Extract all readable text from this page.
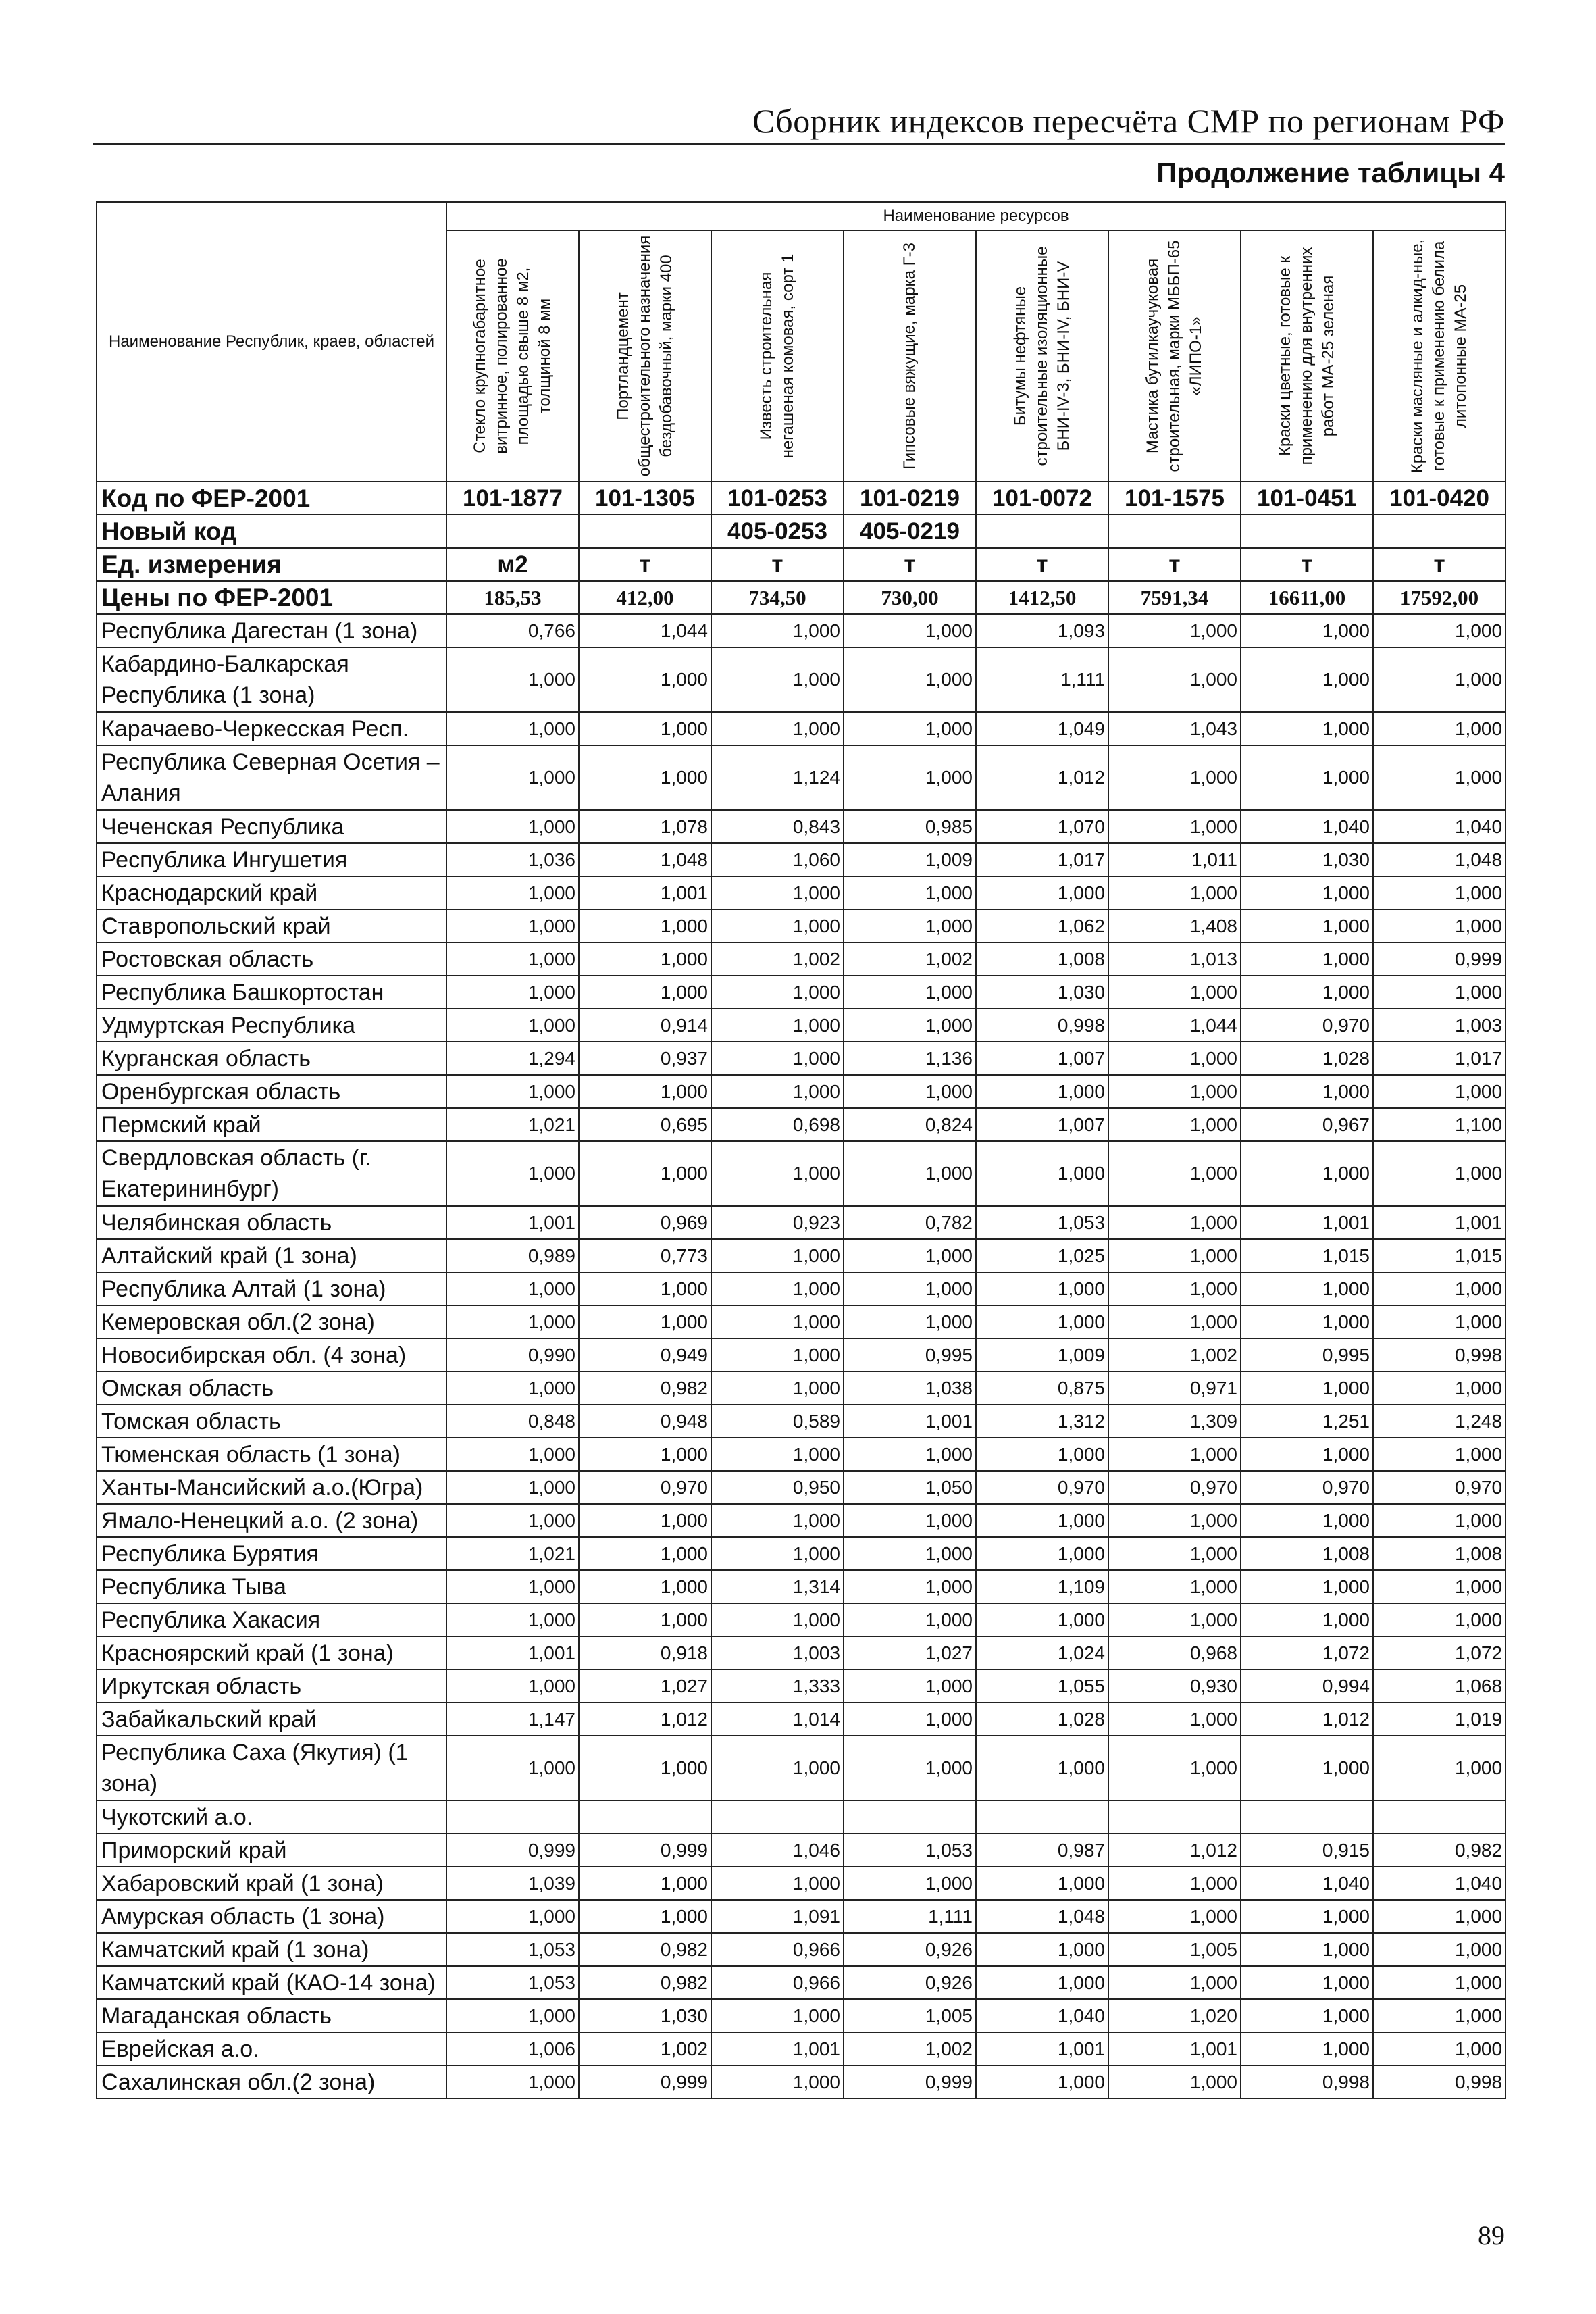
Сборник индексов пересчёта СМР по регионам РФ
Продолжение таблицы 4
Наименование Республик, краев, областей	Наименование ресурсов							

	Стекло крупногабаритное витринное, полированное площадью свыше 8 м2, толщиной 8 мм	Портландцемент общестроительного назначения бездобавочный, марки 400	Известь строительная негашеная комовая, сорт 1	Гипсовые вяжущие, марка Г-3	Битумы нефтяные строительные изоляционные БНИ-IV-3, БНИ-IV, БНИ-V	Мастика бутилкаучуковая строительная, марки МББП-65 «ЛИПО-1»	Краски цветные, готовые к применению для внутренних работ МА-25 зеленая	Краски масляные и алкид-ные, готовые к применению белила литопонные МА-25

Код по ФЕР-2001	101-1877	101-1305	101-0253	101-0219	101-0072	101-1575	101-0451	101-0420
Новый код			405-0253	405-0219				
Ед. измерения	м2	т	т	т	т	т	т	т
Цены по ФЕР-2001	185,53	412,00	734,50	730,00	1412,50	7591,34	16611,00	17592,00
Республика Дагестан (1 зона)	0,766	1,044	1,000	1,000	1,093	1,000	1,000	1,000
Кабардино-Балкарская Республика (1 зона)	1,000	1,000	1,000	1,000	1,111	1,000	1,000	1,000
Карачаево-Черкесская Респ.	1,000	1,000	1,000	1,000	1,049	1,043	1,000	1,000
Республика Северная Осетия – Алания	1,000	1,000	1,124	1,000	1,012	1,000	1,000	1,000
Чеченская Республика	1,000	1,078	0,843	0,985	1,070	1,000	1,040	1,040
Республика Ингушетия	1,036	1,048	1,060	1,009	1,017	1,011	1,030	1,048
Краснодарский край	1,000	1,001	1,000	1,000	1,000	1,000	1,000	1,000
Ставропольский край	1,000	1,000	1,000	1,000	1,062	1,408	1,000	1,000
Ростовская область	1,000	1,000	1,002	1,002	1,008	1,013	1,000	0,999
Республика Башкортостан	1,000	1,000	1,000	1,000	1,030	1,000	1,000	1,000
Удмуртская Республика	1,000	0,914	1,000	1,000	0,998	1,044	0,970	1,003
Курганская область	1,294	0,937	1,000	1,136	1,007	1,000	1,028	1,017
Оренбургская область	1,000	1,000	1,000	1,000	1,000	1,000	1,000	1,000
Пермский край	1,021	0,695	0,698	0,824	1,007	1,000	0,967	1,100
Свердловская область (г. Екатерининбург)	1,000	1,000	1,000	1,000	1,000	1,000	1,000	1,000
Челябинская область	1,001	0,969	0,923	0,782	1,053	1,000	1,001	1,001
Алтайский край (1 зона)	0,989	0,773	1,000	1,000	1,025	1,000	1,015	1,015
Республика Алтай (1 зона)	1,000	1,000	1,000	1,000	1,000	1,000	1,000	1,000
Кемеровская обл.(2 зона)	1,000	1,000	1,000	1,000	1,000	1,000	1,000	1,000
Новосибирская обл. (4 зона)	0,990	0,949	1,000	0,995	1,009	1,002	0,995	0,998
Омская область	1,000	0,982	1,000	1,038	0,875	0,971	1,000	1,000
Томская область	0,848	0,948	0,589	1,001	1,312	1,309	1,251	1,248
Тюменская область (1 зона)	1,000	1,000	1,000	1,000	1,000	1,000	1,000	1,000
Ханты-Мансийский а.о.(Югра)	1,000	0,970	0,950	1,050	0,970	0,970	0,970	0,970
Ямало-Ненецкий а.о. (2 зона)	1,000	1,000	1,000	1,000	1,000	1,000	1,000	1,000
Республика Бурятия	1,021	1,000	1,000	1,000	1,000	1,000	1,008	1,008
Республика Тыва	1,000	1,000	1,314	1,000	1,109	1,000	1,000	1,000
Республика Хакасия	1,000	1,000	1,000	1,000	1,000	1,000	1,000	1,000
Красноярский край (1 зона)	1,001	0,918	1,003	1,027	1,024	0,968	1,072	1,072
Иркутская область	1,000	1,027	1,333	1,000	1,055	0,930	0,994	1,068
Забайкальский край	1,147	1,012	1,014	1,000	1,028	1,000	1,012	1,019
Республика Саха (Якутия) (1 зона)	1,000	1,000	1,000	1,000	1,000	1,000	1,000	1,000
Чукотский а.о.								
Приморский край	0,999	0,999	1,046	1,053	0,987	1,012	0,915	0,982
Хабаровский край (1 зона)	1,039	1,000	1,000	1,000	1,000	1,000	1,040	1,040
Амурская область (1 зона)	1,000	1,000	1,091	1,111	1,048	1,000	1,000	1,000
Камчатский край (1 зона)	1,053	0,982	0,966	0,926	1,000	1,005	1,000	1,000
Камчатский край (КАО-14 зона)	1,053	0,982	0,966	0,926	1,000	1,000	1,000	1,000
Магаданская область	1,000	1,030	1,000	1,005	1,040	1,020	1,000	1,000
Еврейская а.о.	1,006	1,002	1,001	1,002	1,001	1,001	1,000	1,000
Сахалинская обл.(2 зона)	1,000	0,999	1,000	0,999	1,000	1,000	0,998	0,998
89
